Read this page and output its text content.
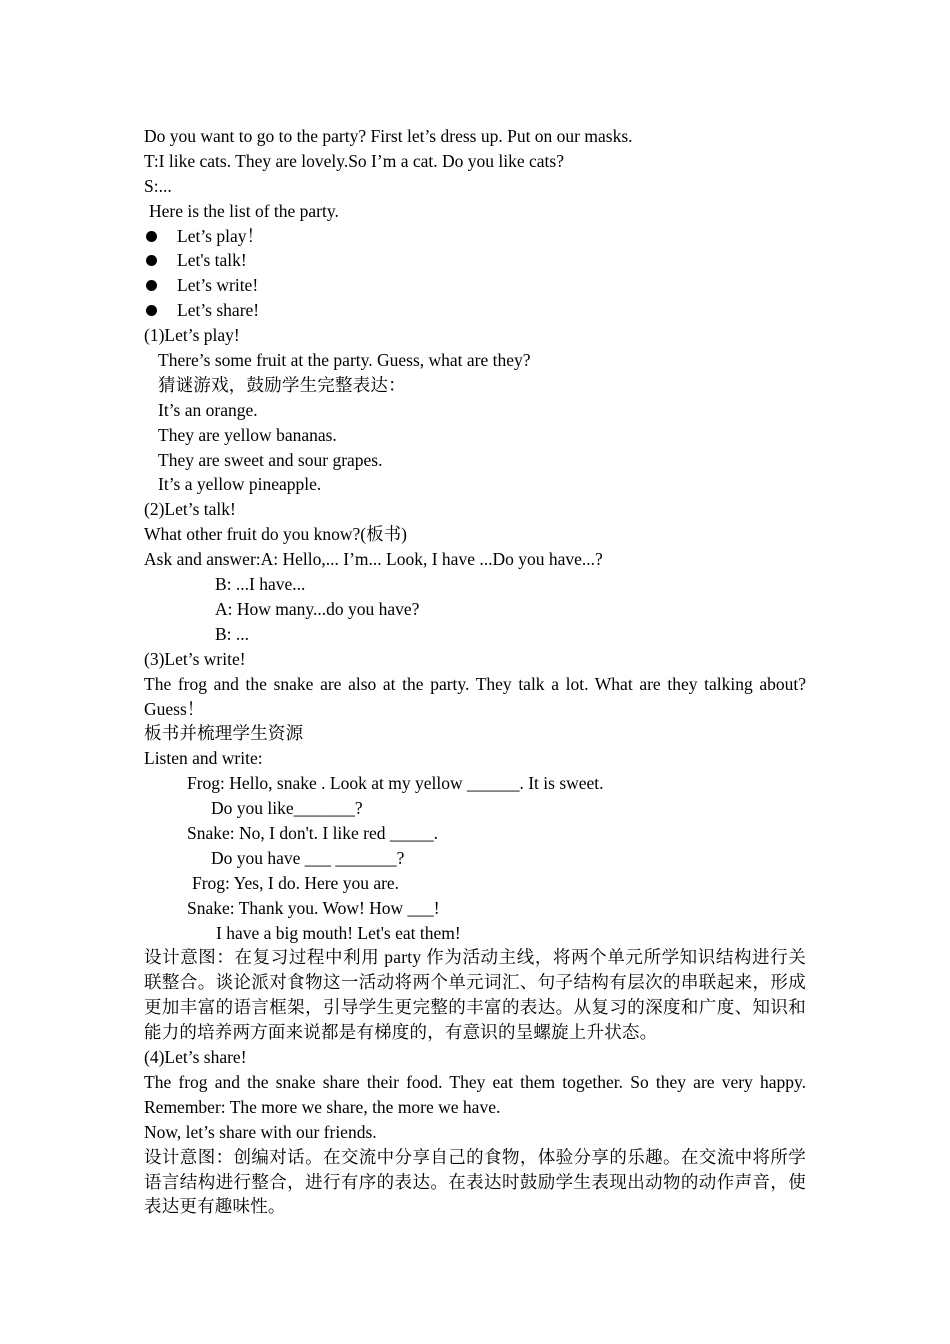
Do you want to go to the party? First let’s dress up. Put on our masks.
T:I like cats. They are lovely.So I’m a cat. Do you like cats?
S:...
Here is the list of the party.
Let’s play！
Let's talk!
Let’s write!
Let’s share!
(1)Let’s play!
There’s some fruit at the party. Guess, what are they?
猜谜游戏，鼓励学生完整表达：
It’s an orange.
They are yellow bananas.
They are sweet and sour grapes.
It’s a yellow pineapple.
(2)Let’s talk!
What other fruit do you know?(板书)
Ask and answer:A: Hello,... I’m... Look, I have ...Do you have...?
B: ...I have...
A: How many...do you have?
B: ...
(3)Let’s write!
The frog and the snake are also at the party. They talk a lot. What are they talking about? Guess！
板书并梳理学生资源
Listen and write:
Frog: Hello, snake . Look at my yellow ______. It is sweet.
Do you like_______?
Snake: No, I don't. I like red _____.
Do you have ___ _______?
Frog: Yes, I do. Here you are.
Snake: Thank you. Wow! How ___!
I have a big mouth! Let's eat them!
设计意图：在复习过程中利用 party 作为活动主线，将两个单元所学知识结构进行关联整合。谈论派对食物这一活动将两个单元词汇、句子结构有层次的串联起来，形成更加丰富的语言框架，引导学生更完整的丰富的表达。从复习的深度和广度、知识和能力的培养两方面来说都是有梯度的，有意识的呈螺旋上升状态。
(4)Let’s share!
The frog and the snake share their food. They eat them together. So they are very happy. Remember: The more we share, the more we have.
Now, let’s share with our friends.
设计意图：创编对话。在交流中分享自己的食物，体验分享的乐趣。在交流中将所学语言结构进行整合，进行有序的表达。在表达时鼓励学生表现出动物的动作声音，使表达更有趣味性。
